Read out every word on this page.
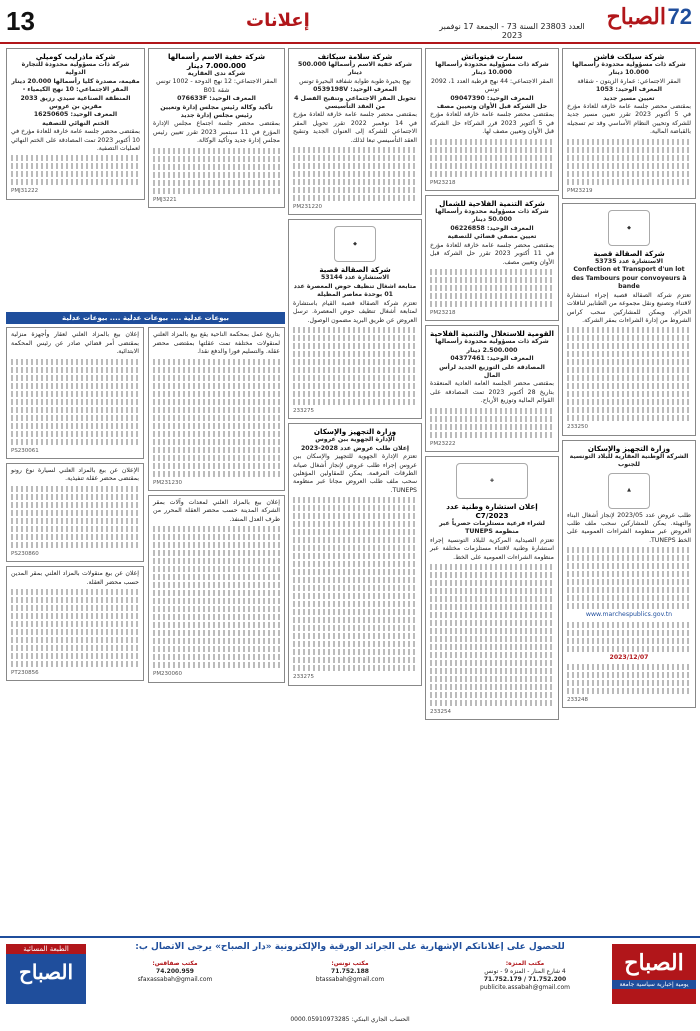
13	إعلانات	العدد 23803 السنة 73 - الجمعة 17 نوفمبر 2023
72
الصباح
شركة سيلكت فاشن
شركة ذات مسؤولية محدودة رأسمالها 10.000 دينار
المقر الاجتماعي: عمارة الزيتون - شقاقة
المعرف الوحيد: 1053
تعيين مسير جديد
بمقتضى محضر جلسة عامة خارقة للعادة مؤرخ في 5 أكتوبر 2023 تقرر تعيين مسير جديد للشركة وتحيين النظام الأساسي وقد تم تسجيله بالقباضة المالية.
PM23219
◆
شركة الصقالة قصبة
الاستشارة عدد 53735
Confection et Transport d'un lot des Tambours pour convoyeurs à bande
تعتزم شركة الصقالة قصبة إجراء استشارة لاقتناء وتصنيع ونقل مجموعة من الطنابير لناقلات الحزام. ويمكن للمشاركين سحب كراس الشروط من إدارة الشراءات بمقر الشركة.
233250
وزارة التجهيز والإسكان
الشركة الوطنية العقارية للبلاد التونسية للجنوب
▲
طلب عروض عدد 2023/05 لإنجاز أشغال البناء والتهيئة. يمكن للمشاركين سحب ملف طلب العروض عبر منظومة الشراءات العمومية على الخط TUNEPS.
www.marchespublics.gov.tn
2023/12/07
233248
سمارت فيتوباتش
شركة ذات مسؤولية محدودة رأسمالها 10.000 دينار
المقر الاجتماعي: 44 نهج قرطبة العدد 1، 2092 تونس
المعرف الوحيد: 09047390
حل الشركة قبل الأوان وتعيين مصف
بمقتضى محضر جلسة عامة خارقة للعادة مؤرخ في 5 أكتوبر 2023 قرر الشركاء حل الشركة قبل الأوان وتعيين مصف لها.
PM23218
شركة التنمية الفلاحية للشمال
شركة ذات مسؤولية محدودة رأسمالها 50.000 دينار
المعرف الوحيد: 06226858
تعيين مصفي قضائي للتصفية
بمقتضى محضر جلسة عامة خارقة للعادة مؤرخ في 11 أكتوبر 2023 تقرر حل الشركة قبل الأوان وتعيين مصف.
PM23218
القومية للاستغلال والتنمية الفلاحية
شركة ذات مسؤولية محدودة رأسمالها 2.500.000 دينار
المعرف الوحيد: 04377461
المصادقة على التوزيع الجديد لرأس المال
بمقتضى محضر الجلسة العامة العادية المنعقدة بتاريخ 28 أكتوبر 2023 تمت المصادقة على القوائم المالية وتوزيع الأرباح.
PM23222
✚
إعلان استشارة وطنية عدد 2023/C7
لشراء فرعية مستلزمات حصرياً عبر منظومة TUNEPS
تعتزم الصيدلية المركزية للبلاد التونسية إجراء استشارة وطنية لاقتناء مستلزمات مختلفة عبر منظومة الشراءات العمومية على الخط.
233254
شركة سلامة سيكاتف
شركة خفية الاسم رأسمالها 500.000 دينار
نهج بحيرة طوبة طوابة شفافة البحيرة تونس
المعرف الوحيد: 0539198V
تحويل المقر الاجتماعي وتنقيح الفصل 4 من العقد التأسيسي
بمقتضى محضر جلسة عامة خارقة للعادة مؤرخ في 14 نوفمبر 2022 تقرر تحويل المقر الاجتماعي للشركة إلى العنوان الجديد وتنقيح العقد التأسيسي تبعا لذلك.
PM231220
◆
شركة الصقالة قصبة
الاستشارة عدد 53144
متابعة اشغال تنظيف حوض المعصرة عدد 01 بوحدة معاصر المظيلة
تعتزم شركة الصقالة قصبة القيام باستشارة لمتابعة أشغال تنظيف حوض المعصرة. ترسل العروض عن طريق البريد مضمون الوصول.
233275
وزارة التجهيز والإسكان
الإدارة الجهوية ببن عروس
إعلان طلب عروض عدد 2028-2023
تعتزم الإدارة الجهوية للتجهيز والإسكان ببن عروس إجراء طلب عروض لإنجاز أشغال صيانة الطرقات المرقمة. يمكن للمقاولين المؤهلين سحب ملف طلب العروض مجانا عبر منظومة TUNEPS.
233275
شركة خفية الاسم رأسمالها 7.000.000 دينار
شركة ندى العقارية
المقر الاجتماعي: 12 نهج الدوحة - 1002 تونس شقة B01
المعرف الوحيد: 076633F
تأكيد وكالة رئيس مجلس إدارة وتعيين رئيس مجلس إدارة جديد
بمقتضى محضر جلسة اجتماع مجلس الإدارة المؤرخ في 11 سبتمبر 2023 تقرر تعيين رئيس مجلس إدارة جديد وتأكيد الوكالة.
PMJ3221
شركة ماذرليب كوميلي
شركة ذات مسؤولية محدودة للتجارة الدولية
مقيمة، مصدرة كليا رأسمالها 20.000 دينار
المقر الاجتماعي: 10 نهج الكيمياء - المنطقة الصناعية سيدي رزيق 2033 مقرين بن عروس
المعرف الوحيد: 16250605
الختم النهائي للتصفية
بمقتضى محضر جلسة عامة خارقة للعادة مؤرخ في 10 أكتوبر 2023 تمت المصادقة على الختم النهائي لعمليات التصفية.
PMJ31222
بيوعات عدلية .... بيوعات عدلية .... بيوعات عدلية
بتاريخ عمل بمحكمة الناحية يقع بيع بالمزاد العلني لمنقولات مختلفة تمت عقلتها بمقتضى محضر عقلة. والتسليم فورا والدفع نقدا.
PM231230
إعلان بيع بالمزاد العلني لمعدات وآلات بمقر الشركة المدينة حسب محضر العقلة المحرر من طرف العدل المنفذ.
PM230060
إعلان بيع بالمزاد العلني لعقار وأجهزة منزلية بمقتضى أمر قضائي صادر عن رئيس المحكمة الابتدائية.
PS230061
الإعلان عن بيع بالمزاد العلني لسيارة نوع رونو بمقتضى محضر عقلة تنفيذية.
PS230860
إعلان عن بيع منقولات بالمزاد العلني بمقر المدين حسب محضر العقلة.
PT230856
الطبعة المسائية
الصباح
للحصول على إعلاناتكم الإشهارية على الجرائد الورقية والإلكترونية «دار الصباح» يرجى الاتصال ب:
مكتب المنزه:
4 شارع المنار - المنزه 9 - تونس
71.752.179 / 71.752.200
publicite.assabah@gmail.com
مكتب تونس:
71.752.188
btassabah@gmail.com
مكتب صفاقس:
74.200.959
sfaxassabah@gmail.com
الحساب الجاري البنكي: 0000.05910973285
الصباح
يومية إخبارية سياسية جامعة
